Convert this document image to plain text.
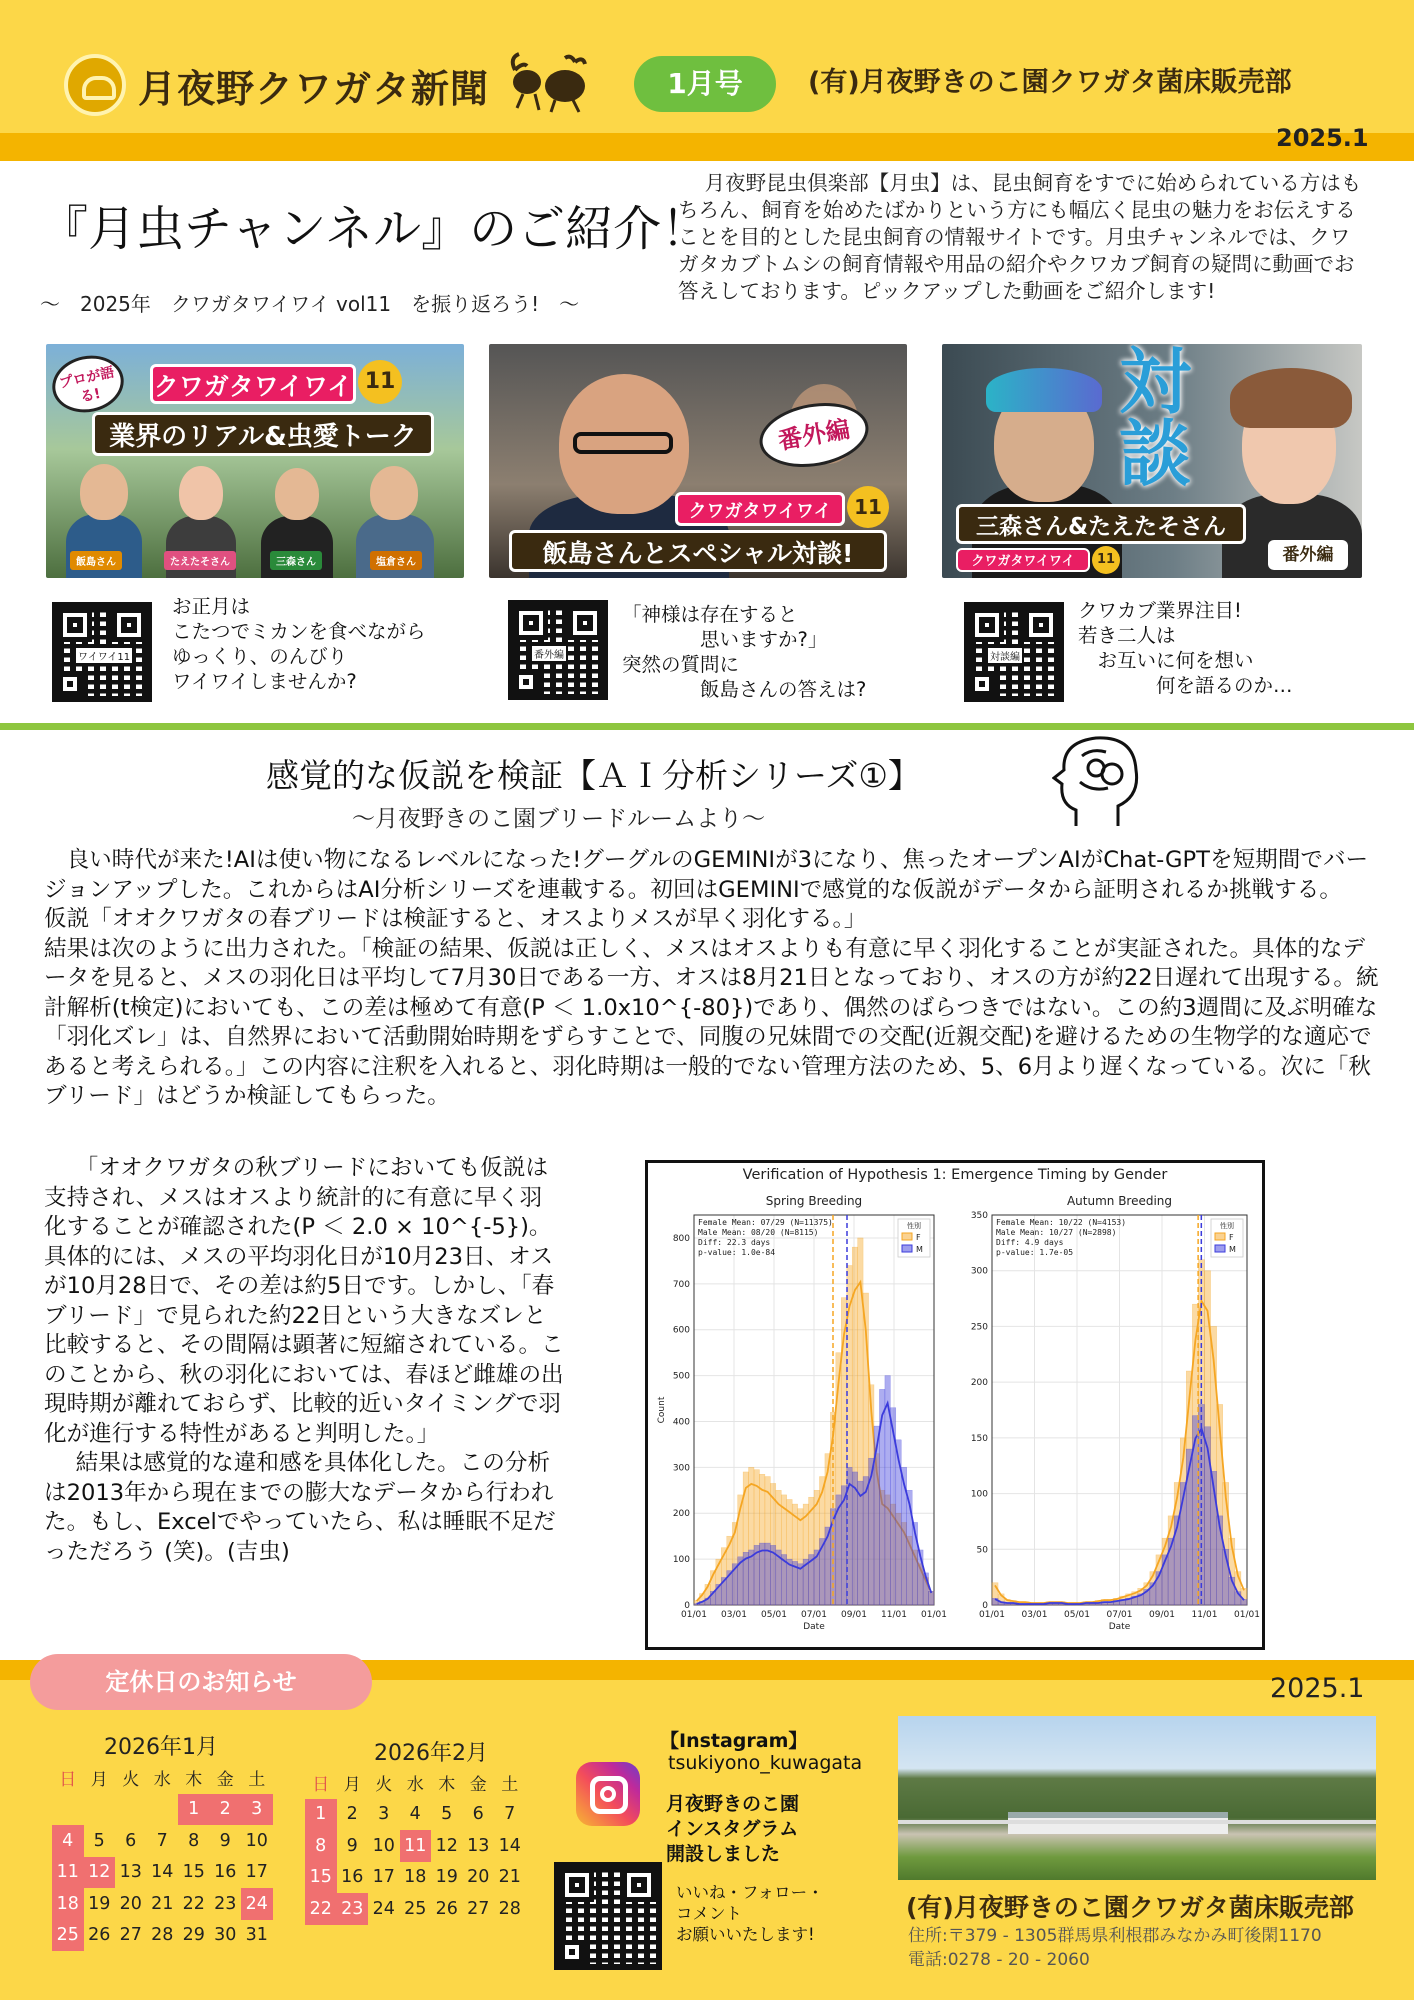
月夜野クワガタ新聞	1月号	(有)月夜野きのこ園クワガタ菌床販売部
2025.1
『月虫チャンネル』のご紹介！
～　2025年　クワガタワイワイ vol11　を振り返ろう!　～
月夜野昆虫倶楽部【月虫】は、昆虫飼育をすでに始められている方はもちろん、飼育を始めたばかりという方にも幅広く昆虫の魅力をお伝えすることを目的とした昆虫飼育の情報サイトです。月虫チャンネルでは、クワガタカブトムシの飼育情報や用品の紹介やクワカブ飼育の疑問に動画でお答えしております。ピックアップした動画をご紹介します!
プロが語る!	クワガタワイワイ 11
業界のリアル&虫愛トーク
飯島さん	たえたそさん	三森さん	塩倉さん
番外編
クワガタワイワイ	11
飯島さんとスペシャル対談!
対談
三森さん&たえたそさん
クワガタワイワイ	11	番外編
ワイワイ11
お正月は
こたつでミカンを食べながら
ゆっくり、のんびり
ワイワイしませんか?
番外編
「神様は存在すると
　　　　思いますか?」
突然の質問に
　　　　飯島さんの答えは?
対談編
クワカブ業界注目!
若き二人は
　お互いに何を想い
　　　　何を語るのか…
感覚的な仮説を検証【ＡＩ分析シリーズ①】
～月夜野きのこ園ブリードルームより～

　良い時代が来た!AIは使い物になるレベルになった!グーグルのGEMINIが3になり、焦ったオープンAIがChat-GPTを短期間でバージョンアップした。これからはAI分析シリーズを連載する。初回はGEMINIで感覚的な仮説がデータから証明されるか挑戦する。

仮説「オオクワガタの春ブリードは検証すると、オスよりメスが早く羽化する。」

結果は次のように出力された。「検証の結果、仮説は正しく、メスはオスよりも有意に早く羽化することが実証された。具体的なデータを見ると、メスの羽化日は平均して7月30日である一方、オスは8月21日となっており、オスの方が約22日遅れて出現する。統計解析(t検定)においても、この差は極めて有意(P ＜ 1.0x10^{-80})であり、偶然のばらつきではない。この約3週間に及ぶ明確な「羽化ズレ」は、自然界において活動開始時期をずらすことで、同腹の兄妹間での交配(近親交配)を避けるための生物学的な適応であると考えられる。」この内容に注釈を入れると、羽化時期は一般的でない管理方法のため、5、6月より遅くなっている。次に「秋ブリード」はどうか検証してもらった。

「オオクワガタの秋ブリードにおいても仮説は支持され、メスはオスより統計的に有意に早く羽化することが確認された(P ＜ 2.0 × 10^{-5})。具体的には、メスの平均羽化日が10月23日、オスが10月28日で、その差は約5日です。しかし、「春ブリード」で見られた約22日という大きなズレと比較すると、その間隔は顕著に短縮されている。このことから、秋の羽化においては、春ほど雌雄の出現時期が離れておらず、比較的近いタイミングで羽化が進行する特性があると判明した。」

結果は感覚的な違和感を具体化した。この分析は2013年から現在までの膨大なデータから行われた。もし、Excelでやっていたら、私は睡眠不足だっただろう (笑)。(吉虫)

Verification of Hypothesis 1: Emergence Timing by Gender
Spring Breeding
0
100
200
300
400
500
600
700
800
01/01 03/01 05/01 07/01 09/01 11/01 01/01
Date
Count
Female Mean: 07/29 (N=11375)
Male Mean: 08/20 (N=8115)
Diff: 22.3 days
p-value: 1.0e-84
性別
F
M
Autumn Breeding
0
50
100
150
200
250
300
350
01/01 03/01 05/01 07/01 09/01 11/01 01/01
Date
Female Mean: 10/22 (N=4153)
Male Mean: 10/27 (N=2898)
Diff: 4.9 days
p-value: 1.7e-05
性別
F
M
定休日のお知らせ	2025.1
2026年1月
日	月	火	水	木	金	土
				1	2	3
4	5	6	7	8	9	10
11	12	13	14	15	16	17
18	19	20	21	22	23	24
25	26	27	28	29	30	31
2026年2月
日	月	火	水	木	金	土
1	2	3	4	5	6	7
8	9	10	11	12	13	14
15	16	17	18	19	20	21
22	23	24	25	26	27	28
【Instagram】
tsukiyono_kuwagata
月夜野きのこ園
インスタグラム
開設しました
いいね・フォロー・
コメント
お願いいたします!
(有)月夜野きのこ園クワガタ菌床販売部
住所:〒379 - 1305群馬県利根郡みなかみ町後閑1170
電話:0278 - 20 - 2060
